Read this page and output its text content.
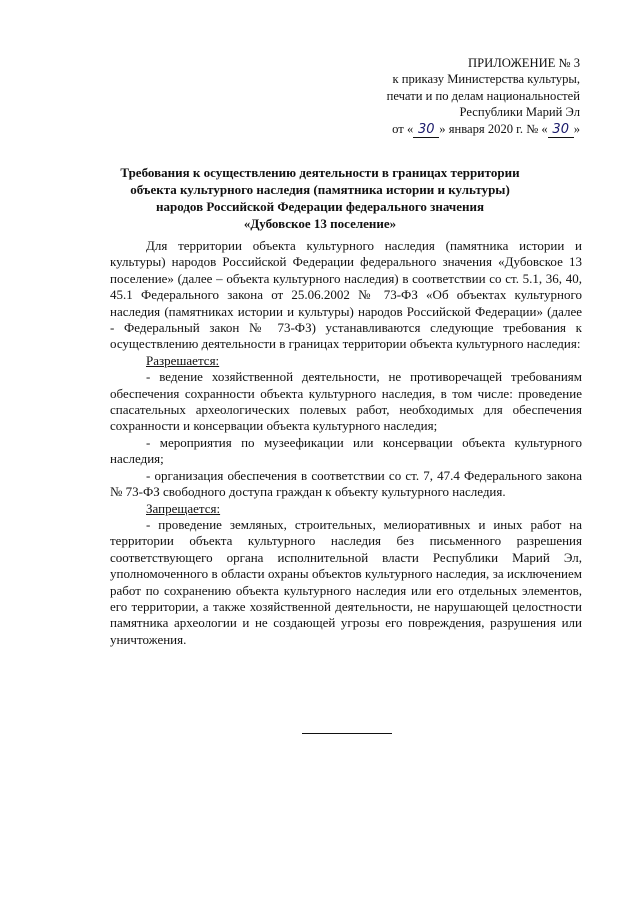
ПРИЛОЖЕНИЕ № 3
к приказу Министерства культуры,
печати и по делам национальностей
Республики Марий Эл
от « 30 » января 2020 г. № « 30 »
Требования к осуществлению деятельности в границах территории
объекта культурного наследия (памятника истории и культуры)
народов Российской Федерации федерального значения
«Дубовское 13 поселение»

Для территории объекта культурного наследия (памятника истории и культуры) народов Российской Федерации федерального значения «Дубовское 13 поселение» (далее – объекта культурного наследия) в соответствии со ст. 5.1, 36, 40, 45.1 Федерального закона от 25.06.2002 № 73-ФЗ «Об объектах культурного наследия (памятниках истории и культуры) народов Российской Федерации» (далее - Федеральный закон № 73-ФЗ) устанавливаются следующие требования к осуществлению деятельности в границах территории объекта культурного наследия:

Разрешается:

- ведение хозяйственной деятельности, не противоречащей требованиям обеспечения сохранности объекта культурного наследия, в том числе: проведение спасательных археологических полевых работ, необходимых для обеспечения сохранности и консервации объекта культурного наследия;

- мероприятия по музеефикации или консервации объекта культурного наследия;

- организация обеспечения в соответствии со ст. 7, 47.4 Федерального закона № 73-ФЗ свободного доступа граждан к объекту культурного наследия.

Запрещается:

- проведение земляных, строительных, мелиоративных и иных работ на территории объекта культурного наследия без письменного разрешения соответствующего органа исполнительной власти Республики Марий Эл, уполномоченного в области охраны объектов культурного наследия, за исключением работ по сохранению объекта культурного наследия или его отдельных элементов, его территории, а также хозяйственной деятельности, не нарушающей целостности памятника археологии и не создающей угрозы его повреждения, разрушения или уничтожения.
